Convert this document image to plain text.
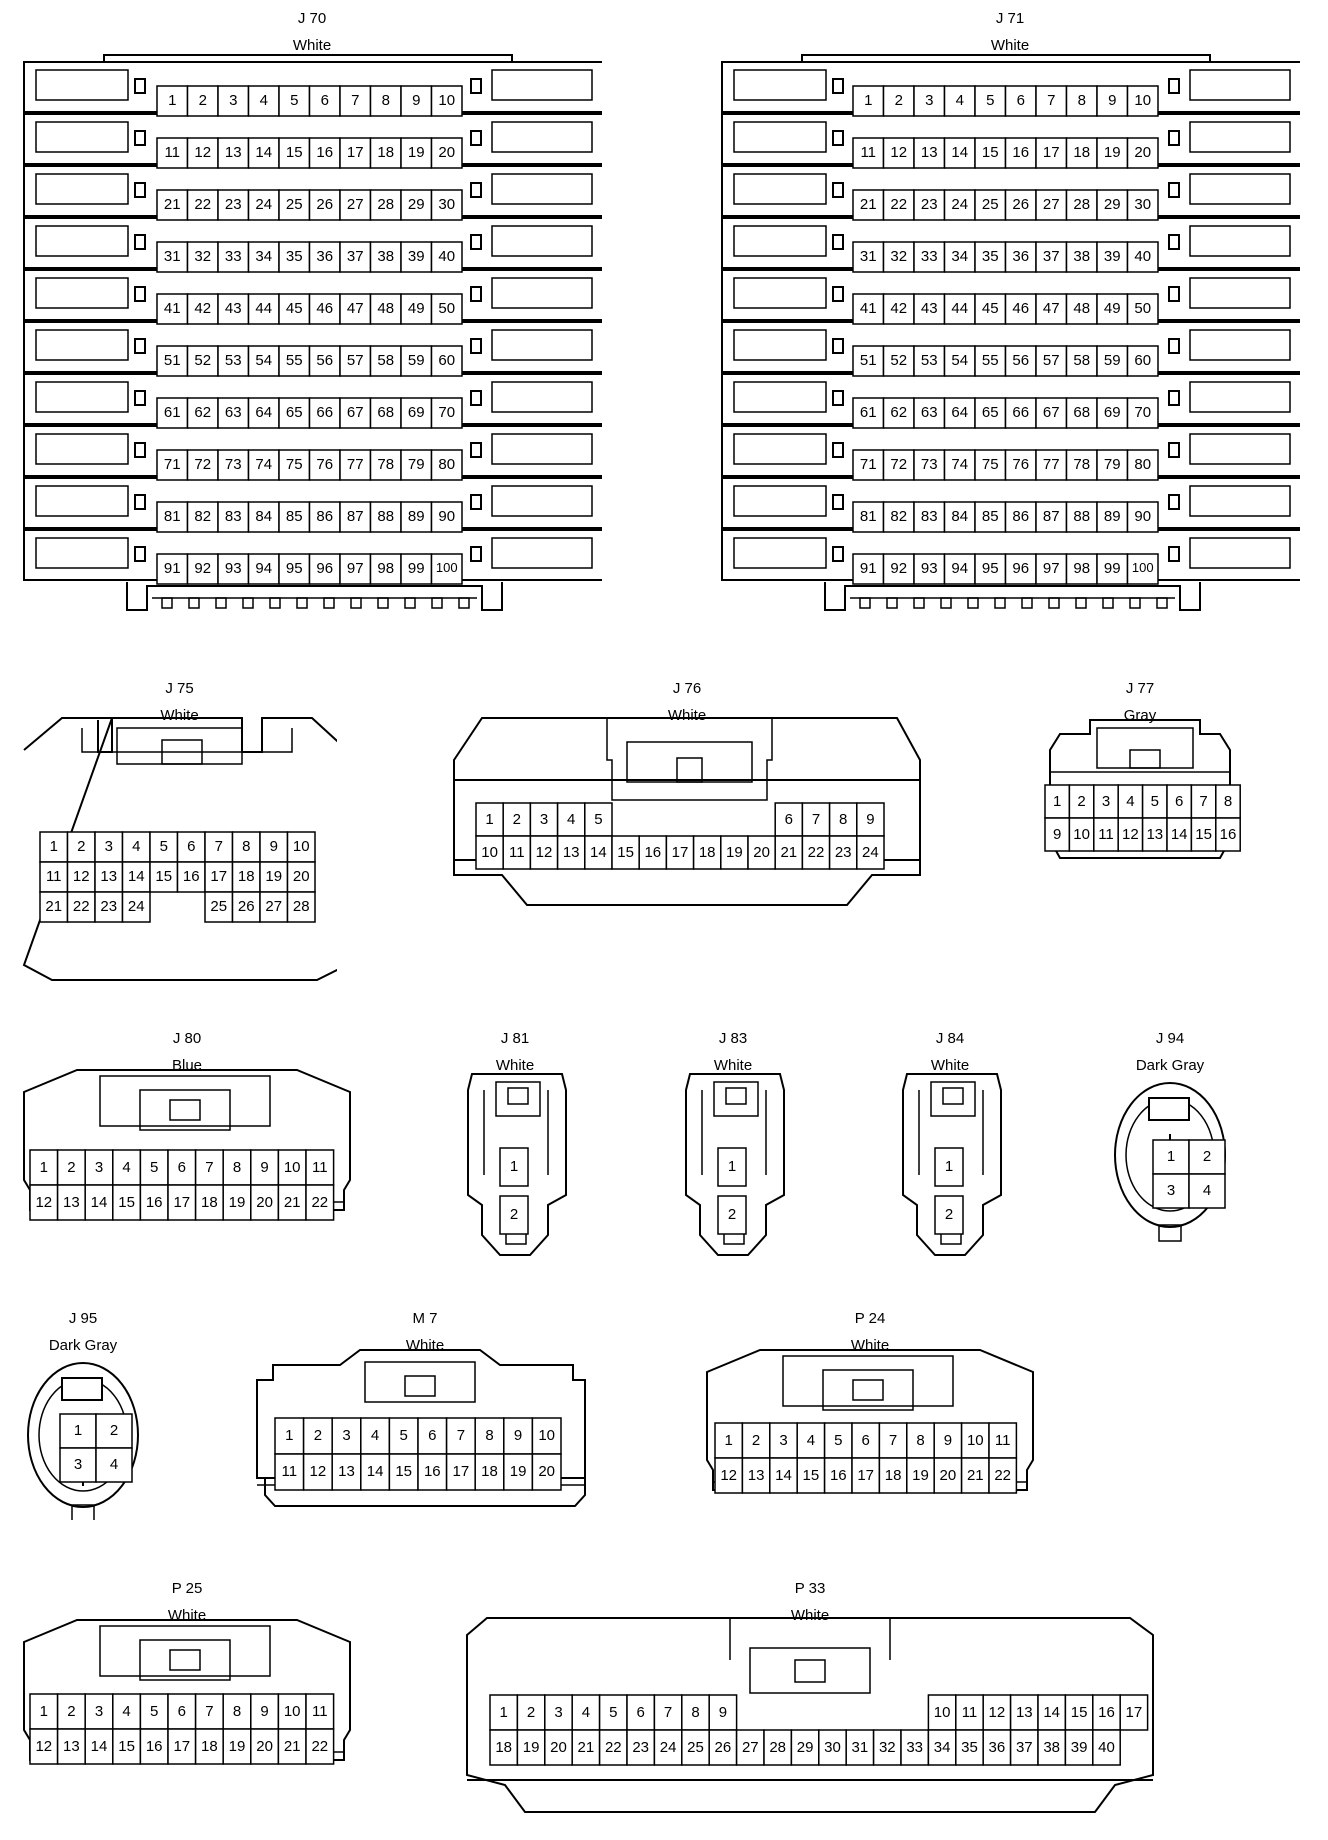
J 70
White
1	2	3	4	5	6	7	8	9	10
11 12 13 14 15 16 17 18 19 20
21 22 23 24 25 26 27 28 29 30
31 32 33 34 35 36 37 38 39 40
41 42 43 44 45 46 47 48 49 50
51 52 53 54 55 56 57 58 59 60
61 62 63 64 65 66 67 68 69 70
71 72 73 74 75 76 77 78 79 80
81 82 83 84 85 86 87 88 89 90
91 92 93 94 95 96 97 98 99 100
J 71
White
1	2	3	4	5	6	7	8	9	10
11 12 13 14 15 16 17 18 19 20
21 22 23 24 25 26 27 28 29 30
31 32 33 34 35 36 37 38 39 40
41 42 43 44 45 46 47 48 49 50
51 52 53 54 55 56 57 58 59 60
61 62 63 64 65 66 67 68 69 70
71 72 73 74 75 76 77 78 79 80
81 82 83 84 85 86 87 88 89 90
91 92 93 94 95 96 97 98 99 100
J 75
White
1	2	3	4	5	6	7	8	9 10
11 12 13 14 15 16 17 18 19 20
21 22 23 24	25 26 27 28
J 76
White
1	2	3	4	5	6	7	8	9
10 11 12 13 14 15 16 17 18 19 20 21 22 23 24
J 77
Gray
1	2	3	4	5	6	7	8
9 10 11 12 13 14 15 16
J 80
Blue
1	2	3	4	5	6	7	8	9	10 11
12 13 14 15 16 17 18 19 20 21 22
J 81
White
1
2
J 83
White
1
2
J 84
White
1
2
J 94
Dark Gray
1	2
3	4
J 95
Dark Gray
1	2
3	4
M 7
White
1	2	3	4	5	6	7	8	9	10
11 12 13 14 15 16 17 18 19 20
P 24
White
1	2	3	4	5	6	7	8	9 10 11
12 13 14 15 16 17 18 19 20 21 22
P 25
White
1	2	3	4	5	6	7	8	9	10 11
12 13 14 15 16 17 18 19 20 21 22
P 33
White
1	2	3	4	5	6	7	8	9	10 11 12 13 14 15 16 17
18 19 20 21 22 23 24 25 26 27 28 29 30 31 32 33 34 35 36 37 38 39 40
